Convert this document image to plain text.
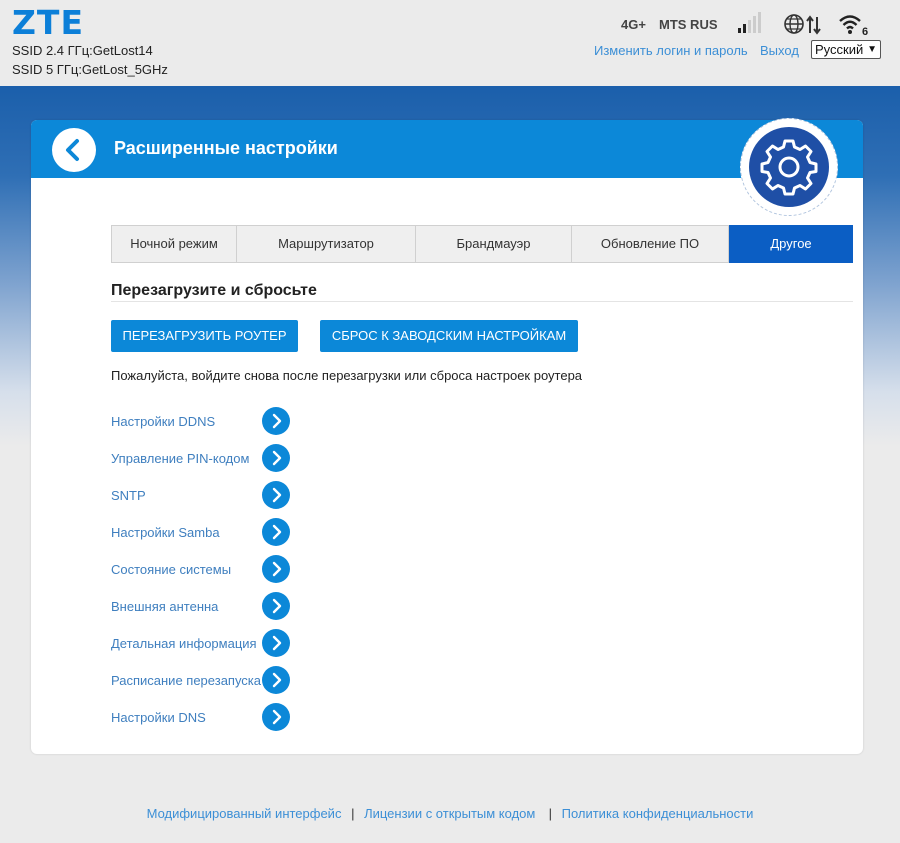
ZTE
SSID 2.4 ГГц:GetLost14
SSID 5 ГГц:GetLost_5GHz
4G+ MTS RUS	6
Изменить логин и пароль Выход	Русский ▼
Расширенные настройки
Ночной режим	Маршрутизатор	Брандмауэр	Обновление ПО	Другое
Перезагрузите и сбросьте
ПЕРЕЗАГРУЗИТЬ РОУТЕР	СБРОС К ЗАВОДСКИМ НАСТРОЙКАМ
Пожалуйста, войдите снова после перезагрузки или сброса настроек роутера
Настройки DDNS
Управление PIN-кодом
SNTP
Настройки Samba
Состояние системы
Внешняя антенна
Детальная информация
Расписание перезапуска
Настройки DNS
Модифицированный интерфейс | Лицензии с открытым кодом  | Политика конфиденциальности
